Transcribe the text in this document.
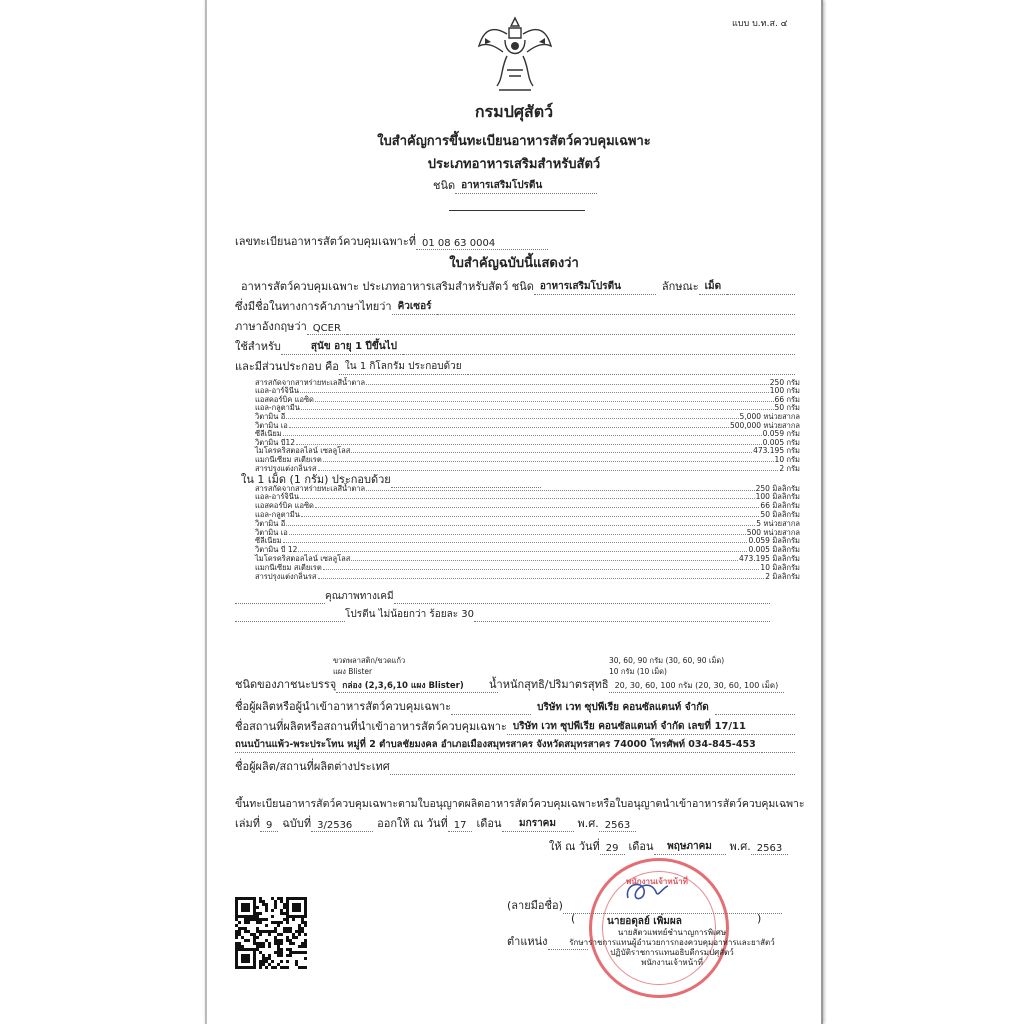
แบบ บ.ท.ส. ๔
กรมปศุสัตว์
ใบสำคัญการขึ้นทะเบียนอาหารสัตว์ควบคุมเฉพาะ
ประเภทอาหารเสริมสำหรับสัตว์
ชนิด อาหารเสริมโปรตีน
เลขทะเบียนอาหารสัตว์ควบคุมเฉพาะที่ 01 08 63 0004
ใบสำคัญฉบับนี้แสดงว่า
อาหารสัตว์ควบคุมเฉพาะ ประเภทอาหารเสริมสำหรับสัตว์ ชนิด อาหารเสริมโปรตีน	ลักษณะ เม็ด
ซึ่งมีชื่อในทางการค้าภาษาไทยว่า คิวเซอร์
ภาษาอังกฤษว่า QCER
ใช้สำหรับ	สุนัข อายุ 1 ปีขึ้นไป
และมีส่วนประกอบ คือ ใน 1 กิโลกรัม ประกอบด้วย
สารสกัดจากสาหร่ายทะเลสีน้ำตาล	250 กรัม
แอล-อาร์จินีน	100 กรัม
แอสคอร์บิค แอซิด	66 กรัม
แอล-กลูตามีน	50 กรัม
วิตามิน อี	5,000 หน่วยสากล
วิตามิน เอ	500,000 หน่วยสากล
ซีลีเนียม	0.059 กรัม
วิตามิน บี12	0.005 กรัม
ไมโครคริสตอลไลน์ เซลลูโลส	473.195 กรัม
แมกนีเซียม สเตียเรต	10 กรัม
สารปรุงแต่งกลิ่นรส	2 กรัม
ใน 1 เม็ด (1 กรัม) ประกอบด้วย
สารสกัดจากสาหร่ายทะเลสีน้ำตาล	250 มิลลิกรัม
แอล-อาร์จินีน	100 มิลลิกรัม
แอสคอร์บิค แอซิด	66 มิลลิกรัม
แอล-กลูตามีน	50 มิลลิกรัม
วิตามิน อี	5 หน่วยสากล
วิตามิน เอ	500 หน่วยสากล
ซีลีเนียม	0.059 มิลลิกรัม
วิตามิน บี 12	0.005 มิลลิกรัม
ไมโครคริสตอลไลน์ เซลลูโลส	473.195 มิลลิกรัม
แมกนีเซียม สเตียเรต	10 มิลลิกรัม
สารปรุงแต่งกลิ่นรส	2 มิลลิกรัม
คุณภาพทางเคมี
โปรตีน ไม่น้อยกว่า ร้อยละ 30
ขวดพลาสติก/ขวดแก้ว
แผง Blister
ชนิดของภาชนะบรรจุ กล่อง (2,3,6,10 แผง Blister)
30, 60, 90 กรัม (30, 60, 90 เม็ด)
10 กรัม (10 เม็ด)
น้ำหนักสุทธิ/ปริมาตรสุทธิ 20, 30, 60, 100 กรัม (20, 30, 60, 100 เม็ด)
ชื่อผู้ผลิตหรือผู้นำเข้าอาหารสัตว์ควบคุมเฉพาะ	บริษัท เวท ซุปพีเรีย คอนซัลแตนท์ จำกัด
ชื่อสถานที่ผลิตหรือสถานที่นำเข้าอาหารสัตว์ควบคุมเฉพาะ บริษัท เวท ซุปพีเรีย คอนซัลแตนท์ จำกัด เลขที่ 17/11
ถนนบ้านแพ้ว-พระประโทน หมู่ที่ 2 ตำบลชัยมงคล อำเภอเมืองสมุทรสาคร จังหวัดสมุทรสาคร 74000 โทรศัพท์ 034-845-453
ชื่อผู้ผลิต/สถานที่ผลิตต่างประเทศ
ขึ้นทะเบียนอาหารสัตว์ควบคุมเฉพาะตามใบอนุญาตผลิตอาหารสัตว์ควบคุมเฉพาะหรือใบอนุญาตนำเข้าอาหารสัตว์ควบคุมเฉพาะ
เล่มที่ 9 ฉบับที่ 3/2536	ออกให้ ณ วันที่ 17 เดือน	มกราคม	พ.ศ. 2563
ให้ ณ วันที่ 29 เดือน	พฤษภาคม	พ.ศ. 2563
พนักงานเจ้าหน้าที่
(ลายมือชื่อ)
(	)
นายอดุลย์ เพิ่มผล
ตำแหน่ง
นายสัตวแพทย์ชำนาญการพิเศษ
รักษาราชการแทนผู้อำนวยการกองควบคุมอาหารและยาสัตว์
ปฏิบัติราชการแทนอธิบดีกรมปศุสัตว์
พนักงานเจ้าหน้าที่
